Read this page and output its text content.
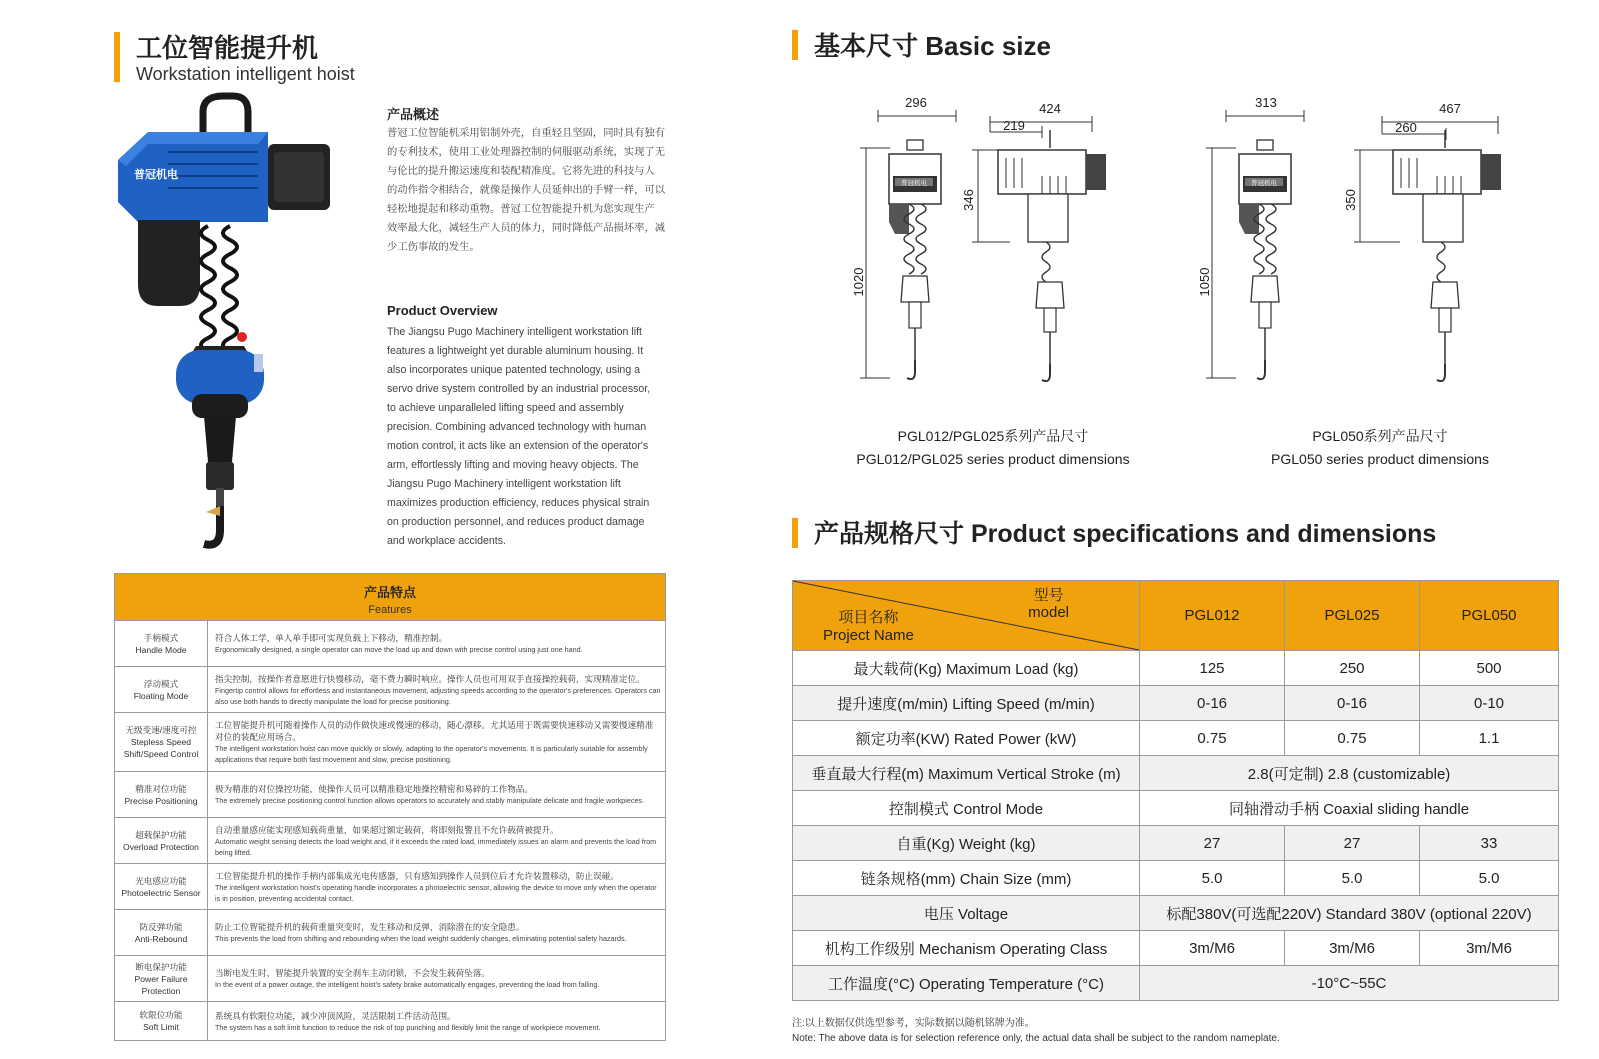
工位智能提升机
Workstation intelligent hoist
普冠机电
产品概述
普冠工位智能机采用铝制外壳，自重轻且坚固，同时具有独有
的专利技术，使用工业处理器控制的伺服驱动系统，实现了无
与伦比的提升搬运速度和装配精准度。它将先进的科技与人
的动作指令相结合，就像是操作人员延伸出的手臂一样，可以
轻松地提起和移动重物。普冠工位智能提升机为您实现生产
效率最大化，减轻生产人员的体力，同时降低产品损坏率，减
少工伤事故的发生。
Product Overview
The Jiangsu Pugo Machinery intelligent workstation lift
features a lightweight yet durable aluminum housing. It
also incorporates unique patented technology, using a
servo drive system controlled by an industrial processor,
to achieve unparalleled lifting speed and assembly
precision. Combining advanced technology with human
motion control, it acts like an extension of the operator's
arm, effortlessly lifting and moving heavy objects. The
Jiangsu Pugo Machinery intelligent workstation lift
maximizes production efficiency, reduces physical strain
on production personnel, and reduces product damage
and workplace accidents.
产品特点
Features
手柄模式
Handle Mode
符合人体工学，单人单手即可实现负载上下移动，精准控制。
Ergonomically designed, a single operator can move the load up and down with precise control using just one hand.
浮动模式
Floating Mode
指尖控制，按操作者意愿进行快慢移动，毫不费力瞬时响应。操作人员也可用双手直接操控载荷，实现精准定位。
Fingertip control allows for effortless and instantaneous movement, adjusting speeds according to the operator's preferences. Operators can also use both hands to directly manipulate the load for precise positioning.
无级变速/速度可控
Stepless Speed Shift/Speed Control
工位智能提升机可随着操作人员的动作做快速或慢速的移动，随心漂移。尤其适用于既需要快速移动又需要慢速精准对位的装配应用场合。
The intelligent workstation hoist can move quickly or slowly, adapting to the operator's movements. It is particularly suitable for assembly applications that require both fast movement and slow, precise positioning.
精准对位功能
Precise Positioning
极为精准的对位操控功能，使操作人员可以精准稳定地操控精密和易碎的工作物品。
The extremely precise positioning control function allows operators to accurately and stably manipulate delicate and fragile workpieces.
超载保护功能
Overload Protection
自动重量感应能实现感知载荷重量，如果超过额定载荷，将即刻报警且不允许载荷被提升。
Automatic weight sensing detects the load weight and, if it exceeds the rated load, immediately issues an alarm and prevents the load from being lifted.
光电感应功能
Photoelectric Sensor
工位智能提升机的操作手柄内部集成光电传感器，只有感知到操作人员到位后才允许装置移动，防止误碰。
The intelligent workstation hoist's operating handle incorporates a photoelectric sensor, allowing the device to move only when the operator is in position, preventing accidental contact.
防反弹功能
Anti-Rebound
防止工位智能提升机的载荷重量突变时，发生移动和反弹，消除潜在的安全隐患。
This prevents the load from shifting and rebounding when the load weight suddenly changes, eliminating potential safety hazards.
断电保护功能
Power Failure Protection
当断电发生时，智能提升装置的安全刹车主动闭锁，不会发生载荷坠落。
In the event of a power outage, the intelligent hoist's safety brake automatically engages, preventing the load from falling.
软限位功能
Soft Limit
系统具有软限位功能，减少冲顶风险，灵活限制工件活动范围。
The system has a soft limit function to reduce the risk of top punching and flexibly limit the range of workpiece movement.
基本尺寸 Basic size
普冠机电
296	424
219
346
1020
普冠机电
313	467
260
350
1050
PGL012/PGL025系列产品尺寸
PGL012/PGL025 series product dimensions
PGL050系列产品尺寸
PGL050 series product dimensions
产品规格尺寸 Product specifications and dimensions
型号
model
项目名称
Project Name	PGL012	PGL025	PGL050
最大载荷(Kg) Maximum Load (kg)	125	250	500
提升速度(m/min) Lifting Speed (m/min)	0-16	0-16	0-10
额定功率(KW) Rated Power (kW)	0.75	0.75	1.1
垂直最大行程(m) Maximum Vertical Stroke (m)	2.8(可定制) 2.8 (customizable)		
控制模式 Control Mode	同轴滑动手柄 Coaxial sliding handle		
自重(Kg) Weight (kg)	27	27	33
链条规格(mm) Chain Size (mm)	5.0	5.0	5.0
电压 Voltage	标配380V(可选配220V) Standard 380V (optional 220V)		
机构工作级别 Mechanism Operating Class	3m/M6	3m/M6	3m/M6
工作温度(°C) Operating Temperature (°C)	-10°C~55C		
注:以上数据仅供选型参考，实际数据以随机铭牌为准。
Note: The above data is for selection reference only, the actual data shall be subject to the random nameplate.
